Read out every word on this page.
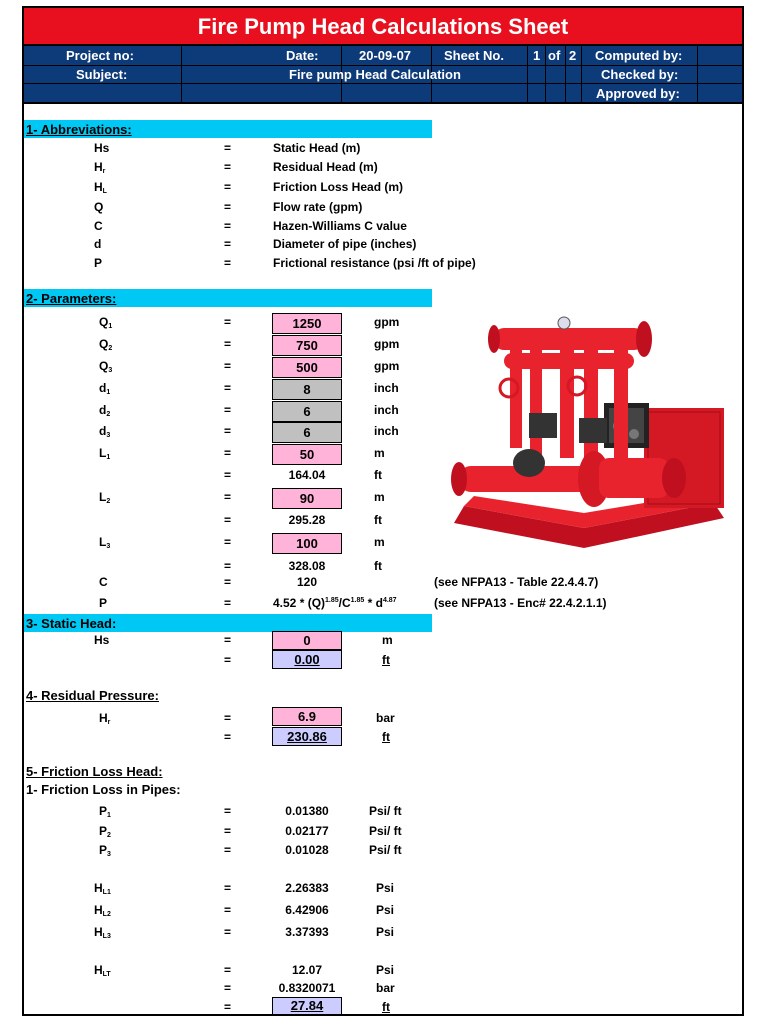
Fire Pump Head Calculations Sheet
Project no:	Date:	20-09-07	Sheet No. 1 of 2 Computed by:
Subject:	Fire pump Head Calculation	Checked by:
Approved by:
1- Abbreviations:
Hs	=	Static Head (m)
$H_r$	=	Residual Head (m)
$H_L$	=	Friction Loss Head (m)
Q	=	Flow rate (gpm)
C	=	Hazen-Williams C value
d	=	Diameter of pipe (inches)
P	=	Frictional resistance (psi /ft of pipe)
2- Parameters:
$Q_1$	=	1250	gpm
$Q_2$	=	750	gpm
$Q_3$	=	500	gpm
$d_1$	=	8	inch
$d_2$	=	6	inch
$d_3$	=	6	inch
$L_1$	=	50	m
=	164.04	ft
$L_2$	=	90	m
=	295.28	ft
$L_3$	=	100	m
=	328.08	ft
C	=	120	(see NFPA13 - Table 22.4.4.7)
P	=	$4.52 * (Q)^{1.85}/C^{1.85} * d^{4.87}$	(see NFPA13 - Enc# 22.4.2.1.1)
3- Static Head:
Hs	=	0	m
=	0.00	ft
4- Residual Pressure:
$H_r$	=	6.9	bar
=	230.86	ft
5- Friction Loss Head:
1- Friction Loss in Pipes:
$P_1$	=	0.01380	Psi/ ft
$P_2$	=	0.02177	Psi/ ft
$P_3$	=	0.01028	Psi/ ft
$H_{L1}$	=	2.26383	Psi
$H_{L2}$	=	6.42906	Psi
$H_{L3}$	=	3.37393	Psi
$H_{LT}$	=	12.07	Psi
=	0.8320071	bar
=	27.84	ft
